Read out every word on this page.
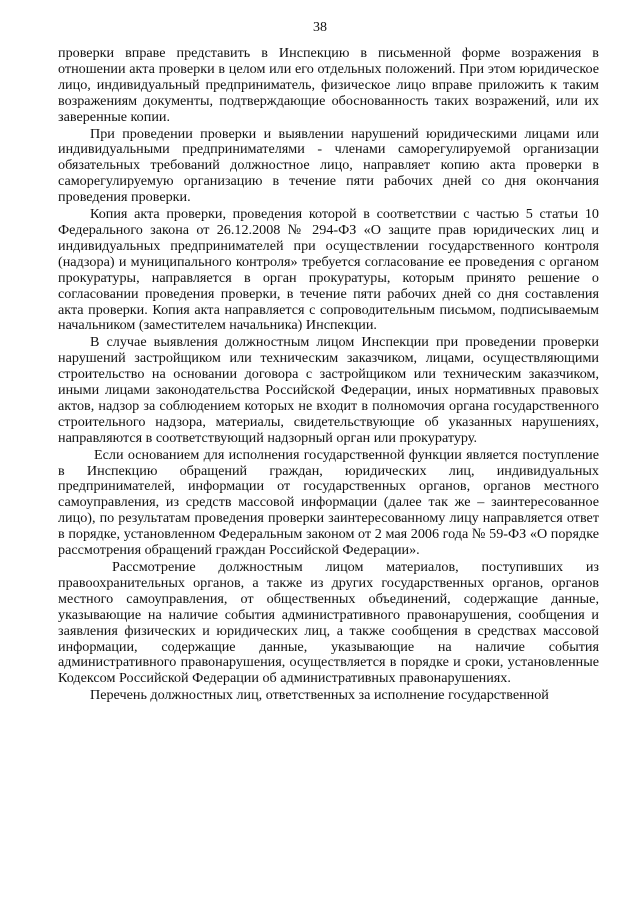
38

проверки вправе представить в Инспекцию в письменной форме возражения в отношении акта проверки в целом или его отдельных положений. При этом юридическое лицо, индивидуальный предприниматель, физическое лицо вправе приложить к таким возражениям документы, подтверждающие обоснованность таких возражений, или их заверенные копии.

При проведении проверки и выявлении нарушений юридическими лицами или индивидуальными предпринимателями - членами саморегулируемой организации обязательных требований должностное лицо, направляет копию акта проверки в саморегулируемую организацию в течение пяти рабочих дней со дня окончания проведения проверки.

Копия акта проверки, проведения которой в соответствии с частью 5 статьи 10 Федерального закона от 26.12.2008 № 294-ФЗ «О защите прав юридических лиц и индивидуальных предпринимателей при осуществлении государственного контроля (надзора) и муниципального контроля» требуется согласование ее проведения с органом прокуратуры, направляется в орган прокуратуры, которым принято решение о согласовании проведения проверки, в течение пяти рабочих дней со дня составления акта проверки. Копия акта направляется с сопроводительным письмом, подписываемым начальником (заместителем начальника) Инспекции.

В случае выявления должностным лицом Инспекции при проведении проверки нарушений застройщиком или техническим заказчиком, лицами, осуществляющими строительство на основании договора с застройщиком или техническим заказчиком, иными лицами законодательства Российской Федерации, иных нормативных правовых актов, надзор за соблюдением которых не входит в полномочия органа государственного строительного надзора, материалы, свидетельствующие об указанных нарушениях, направляются в соответствующий надзорный орган или прокуратуру.

Если основанием для исполнения государственной функции является поступление в Инспекцию обращений граждан, юридических лиц, индивидуальных предпринимателей, информации от государственных органов, органов местного самоуправления, из средств массовой информации (далее так же – заинтересованное лицо), по результатам проведения проверки заинтересованному лицу направляется ответ в порядке, установленном Федеральным законом от 2 мая 2006 года № 59-ФЗ «О порядке рассмотрения обращений граждан Российской Федерации».

Рассмотрение должностным лицом материалов, поступивших из правоохранительных органов, а также из других государственных органов, органов местного самоуправления, от общественных объединений, содержащие данные, указывающие на наличие события административного правонарушения, сообщения и заявления физических и юридических лиц, а также сообщения в средствах массовой информации, содержащие данные, указывающие на наличие события административного правонарушения, осуществляется в порядке и сроки, установленные Кодексом Российской Федерации об административных правонарушениях.

Перечень должностных лиц, ответственных за исполнение государственной
